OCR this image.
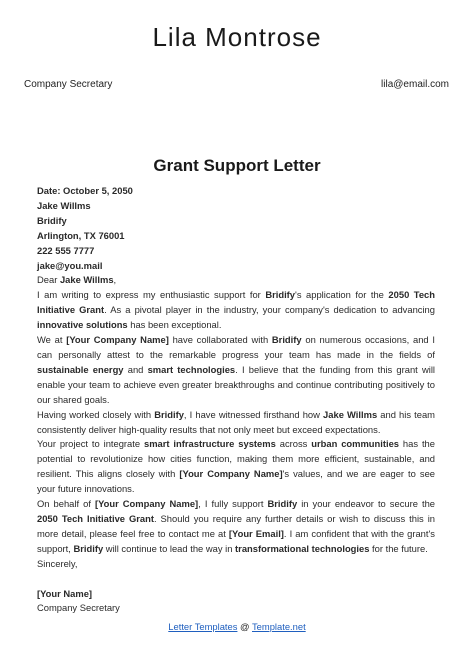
Lila Montrose
Company Secretary	lila@email.com
Grant Support Letter
Date: October 5, 2050
Jake Willms
Bridify
Arlington, TX 76001
222 555 7777
jake@you.mail
Dear Jake Willms,
I am writing to express my enthusiastic support for Bridify's application for the 2050 Tech Initiative Grant. As a pivotal player in the industry, your company's dedication to advancing innovative solutions has been exceptional.
We at [Your Company Name] have collaborated with Bridify on numerous occasions, and I can personally attest to the remarkable progress your team has made in the fields of sustainable energy and smart technologies. I believe that the funding from this grant will enable your team to achieve even greater breakthroughs and continue contributing positively to our shared goals.
Having worked closely with Bridify, I have witnessed firsthand how Jake Willms and his team consistently deliver high-quality results that not only meet but exceed expectations.
Your project to integrate smart infrastructure systems across urban communities has the potential to revolutionize how cities function, making them more efficient, sustainable, and resilient. This aligns closely with [Your Company Name]'s values, and we are eager to see your future innovations.
On behalf of [Your Company Name], I fully support Bridify in your endeavor to secure the 2050 Tech Initiative Grant. Should you require any further details or wish to discuss this in more detail, please feel free to contact me at [Your Email]. I am confident that with the grant's support, Bridify will continue to lead the way in transformational technologies for the future.
Sincerely,
[Your Name]
Company Secretary
Letter Templates @ Template.net
